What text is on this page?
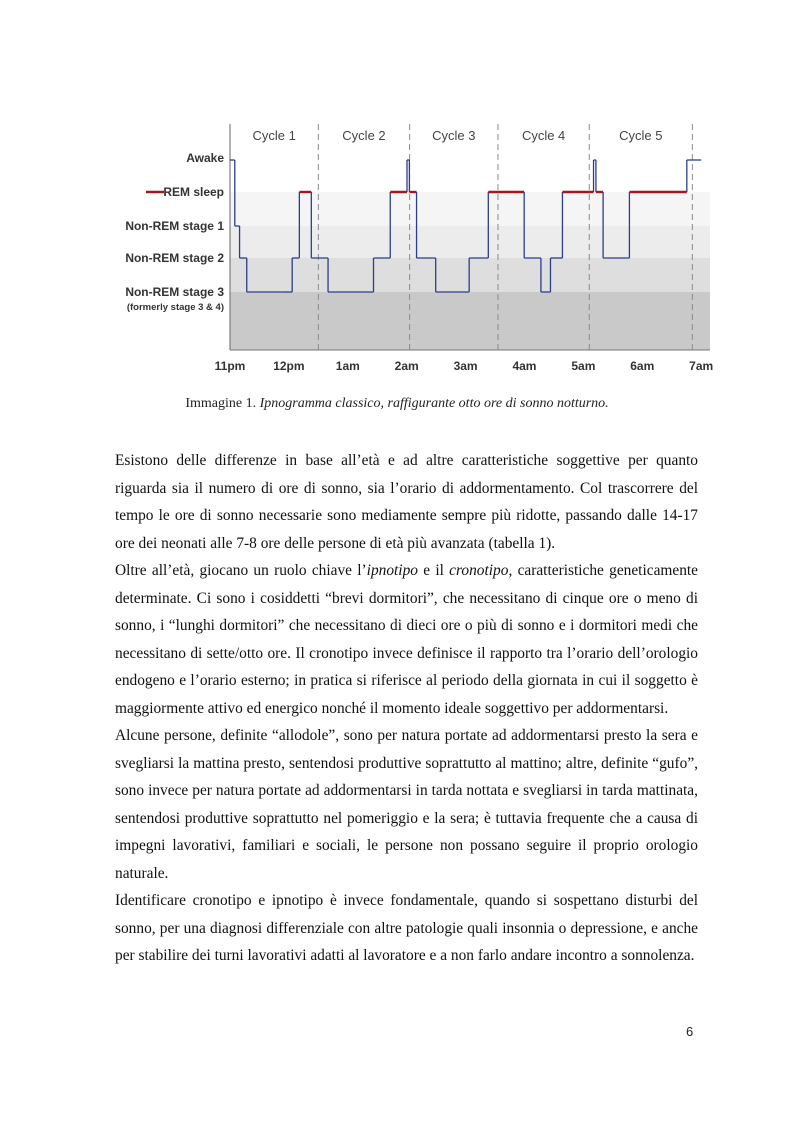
Cycle 1	Cycle 2	Cycle 3	Cycle 4	Cycle 5
Awake
REM sleep
Non-REM stage 1
Non-REM stage 2
Non-REM stage 3
(formerly stage 3 & 4)
11pm 12pm	1am	2am	3am	4am	5am	6am	7am
Immagine 1. Ipnogramma classico, raffigurante otto ore di sonno notturno.

Esistono delle differenze in base all’età e ad altre caratteristiche soggettive per quanto riguarda sia il numero di ore di sonno, sia l’orario di addormentamento. Col trascorrere del tempo le ore di sonno necessarie sono mediamente sempre più ridotte, passando dalle 14-17 ore dei neonati alle 7-8 ore delle persone di età più avanzata (tabella 1).

Oltre all’età, giocano un ruolo chiave l’ipnotipo e il cronotipo, caratteristiche geneticamente determinate. Ci sono i cosiddetti “brevi dormitori”, che necessitano di cinque ore o meno di sonno, i “lunghi dormitori” che necessitano di dieci ore o più di sonno e i dormitori medi che necessitano di sette/otto ore. Il cronotipo invece definisce il rapporto tra l’orario dell’orologio endogeno e l’orario esterno; in pratica si riferisce al periodo della giornata in cui il soggetto è maggiormente attivo ed energico nonché il momento ideale soggettivo per addormentarsi.

Alcune persone, definite “allodole”, sono per natura portate ad addormentarsi presto la sera e svegliarsi la mattina presto, sentendosi produttive soprattutto al mattino; altre, definite “gufo”, sono invece per natura portate ad addormentarsi in tarda nottata e svegliarsi in tarda mattinata, sentendosi produttive soprattutto nel pomeriggio e la sera; è tuttavia frequente che a causa di impegni lavorativi, familiari e sociali, le persone non possano seguire il proprio orologio naturale.

Identificare cronotipo e ipnotipo è invece fondamentale, quando si sospettano disturbi del sonno, per una diagnosi differenziale con altre patologie quali insonnia o depressione, e anche per stabilire dei turni lavorativi adatti al lavoratore e a non farlo andare incontro a sonnolenza.

6
